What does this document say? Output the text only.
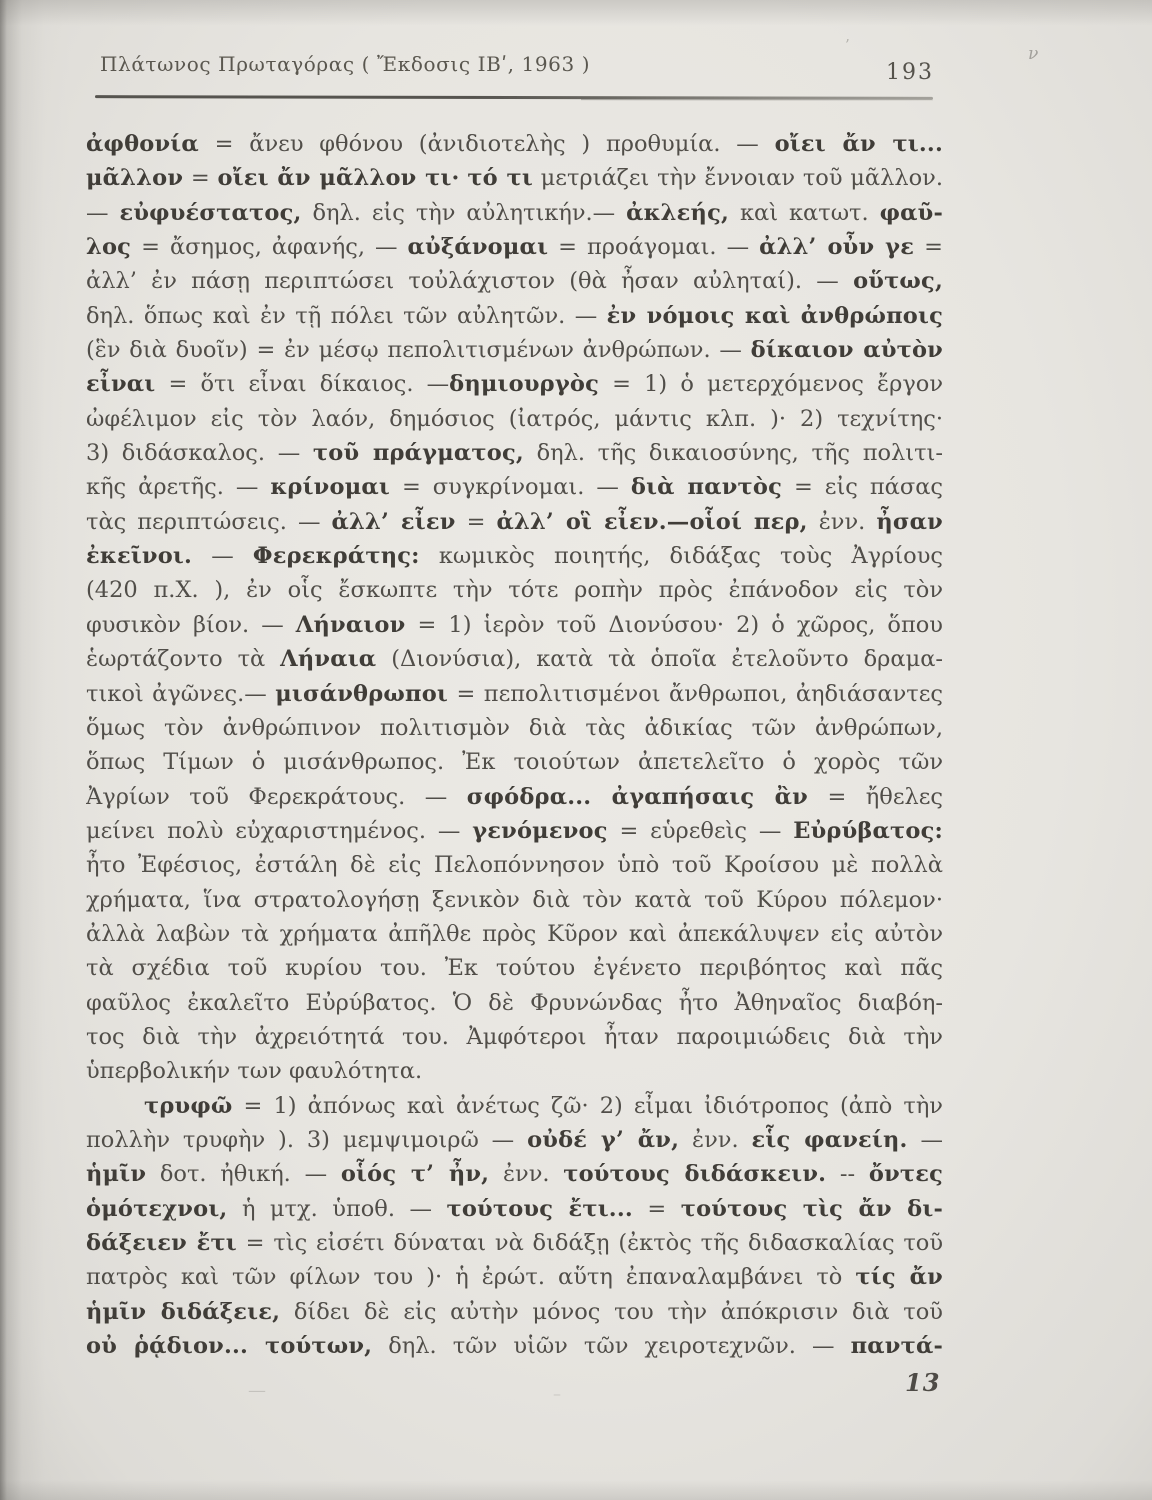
Πλάτωνος Πρωταγόρας ( Ἔκδοσις ΙΒʹ, 1963 )	193
ἀφθονία = ἄνευ φθόνου (ἀνιδιοτελὴς ) προθυμία. — οἴει ἄν τι...
μᾶλλον = οἴει ἄν μᾶλλον τι· τό τι μετριάζει τὴν ἔννοιαν τοῦ μᾶλλον.
— εὐφυέστατος, δηλ. εἰς τὴν αὐλητικήν.— ἀκλεής, καὶ κατωτ. φαῦ-
λος = ἄσημος, ἀφανής, — αὐξάνομαι = προάγομαι. — ἀλλ’ οὖν γε =
ἀλλ’ ἐν πάσῃ περιπτώσει τοὐλάχιστον (θὰ ἦσαν αὐληταί). — οὕτως,
δηλ. ὅπως καὶ ἐν τῇ πόλει τῶν αὐλητῶν. — ἐν νόμοις καὶ ἀνθρώποις
(ἓν διὰ δυοῖν) = ἐν μέσῳ πεπολιτισμένων ἀνθρώπων. — δίκαιον αὐτὸν
εἶναι = ὅτι εἶναι δίκαιος. —δημιουργὸς = 1) ὁ μετερχόμενος ἔργον
ὠφέλιμον εἰς τὸν λαόν, δημόσιος (ἰατρός, μάντις κλπ. )· 2) τεχνίτης·
3) διδάσκαλος. — τοῦ πράγματος, δηλ. τῆς δικαιοσύνης, τῆς πολιτι-
κῆς ἀρετῆς. — κρίνομαι = συγκρίνομαι. — διὰ παντὸς = εἰς πάσας
τὰς περιπτώσεις. — ἀλλ’ εἶεν = ἀλλ’ οἳ εἶεν.—οἷοί περ, ἐνν. ἦσαν
ἐκεῖνοι. — Φερεκράτης: κωμικὸς ποιητής, διδάξας τοὺς Ἀγρίους
(420 π.Χ. ), ἐν οἷς ἔσκωπτε τὴν τότε ροπὴν πρὸς ἐπάνοδον εἰς τὸν
φυσικὸν βίον. — Λήναιον = 1) ἱερὸν τοῦ Διονύσου· 2) ὁ χῶρος, ὅπου
ἑωρτάζοντο τὰ Λήναια (Διονύσια), κατὰ τὰ ὁποῖα ἐτελοῦντο δραμα-
τικοὶ ἀγῶνες.— μισάνθρωποι = πεπολιτισμένοι ἄνθρωποι, ἀηδιάσαντες
ὅμως τὸν ἀνθρώπινον πολιτισμὸν διὰ τὰς ἀδικίας τῶν ἀνθρώπων,
ὅπως Τίμων ὁ μισάνθρωπος. Ἐκ τοιούτων ἀπετελεῖτο ὁ χορὸς τῶν
Ἀγρίων τοῦ Φερεκράτους. — σφόδρα... ἀγαπήσαις ἂν = ἤθελες
μείνει πολὺ εὐχαριστημένος. — γενόμενος = εὑρεθεὶς — Εὐρύβατος:
ἦτο Ἐφέσιος, ἐστάλη δὲ εἰς Πελοπόννησον ὑπὸ τοῦ Κροίσου μὲ πολλὰ
χρήματα, ἵνα στρατολογήσῃ ξενικὸν διὰ τὸν κατὰ τοῦ Κύρου πόλεμον·
ἀλλὰ λαβὼν τὰ χρήματα ἀπῆλθε πρὸς Κῦρον καὶ ἀπεκάλυψεν εἰς αὐτὸν
τὰ σχέδια τοῦ κυρίου του. Ἐκ τούτου ἐγένετο περιβόητος καὶ πᾶς
φαῦλος ἐκαλεῖτο Εὐρύβατος. Ὁ δὲ Φρυνώνδας ἦτο Ἀθηναῖος διαβόη-
τος διὰ τὴν ἀχρειότητά του. Ἀμφότεροι ἦταν παροιμιώδεις διὰ τὴν
ὑπερβολικήν των φαυλότητα.
τρυφῶ = 1) ἀπόνως καὶ ἀνέτως ζῶ· 2) εἶμαι ἰδιότροπος (ἀπὸ τὴν
πολλὴν τρυφὴν ). 3) μεμψιμοιρῶ — οὐδέ γ’ ἄν, ἐνν. εἷς φανείη. —
ἡμῖν δοτ. ἠθική. — οἷός τ’ ἦν, ἐνν. τούτους διδάσκειν. -- ὄντες
ὁμότεχνοι, ἡ μτχ. ὑποθ. — τούτους ἔτι... = τούτους τὶς ἄν δι-
δάξειεν ἔτι = τὶς εἰσέτι δύναται νὰ διδάξῃ (ἐκτὸς τῆς διδασκαλίας τοῦ
πατρὸς καὶ τῶν φίλων του )· ἡ ἐρώτ. αὕτη ἐπαναλαμβάνει τὸ τίς ἄν
ἡμῖν διδάξειε, δίδει δὲ εἰς αὐτὴν μόνος του τὴν ἀπόκρισιν διὰ τοῦ
οὐ ῥᾴδιον... τούτων, δηλ. τῶν υἱῶν τῶν χειροτεχνῶν. — παντά-
13
ν
’
—	–
